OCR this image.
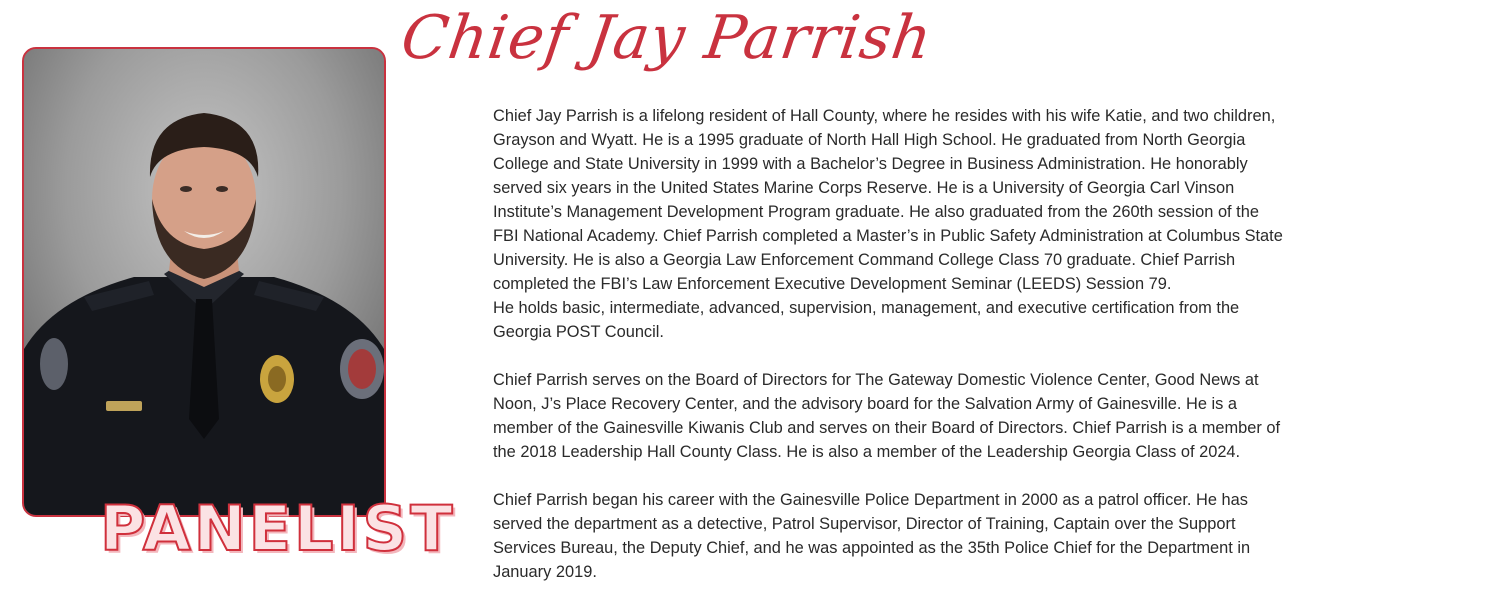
Chief Jay Parrish
PANELIST

Chief Jay Parrish is a lifelong resident of Hall County, where he resides with his wife Katie, and two children,
Grayson and Wyatt. He is a 1995 graduate of North Hall High School. He graduated from North Georgia
College and State University in 1999 with a Bachelor’s Degree in Business Administration. He honorably
served six years in the United States Marine Corps Reserve. He is a University of Georgia Carl Vinson
Institute’s Management Development Program graduate. He also graduated from the 260th session of the
FBI National Academy. Chief Parrish completed a Master’s in Public Safety Administration at Columbus State
University. He is also a Georgia Law Enforcement Command College Class 70 graduate. Chief Parrish
completed the FBI’s Law Enforcement Executive Development Seminar (LEEDS) Session 79.
He holds basic, intermediate, advanced, supervision, management, and executive certification from the
Georgia POST Council.

Chief Parrish serves on the Board of Directors for The Gateway Domestic Violence Center, Good News at
Noon, J’s Place Recovery Center, and the advisory board for the Salvation Army of Gainesville. He is a
member of the Gainesville Kiwanis Club and serves on their Board of Directors. Chief Parrish is a member of
the 2018 Leadership Hall County Class. He is also a member of the Leadership Georgia Class of 2024.

Chief Parrish began his career with the Gainesville Police Department in 2000 as a patrol officer. He has
served the department as a detective, Patrol Supervisor, Director of Training, Captain over the Support
Services Bureau, the Deputy Chief, and he was appointed as the 35th Police Chief for the Department in
January 2019.
